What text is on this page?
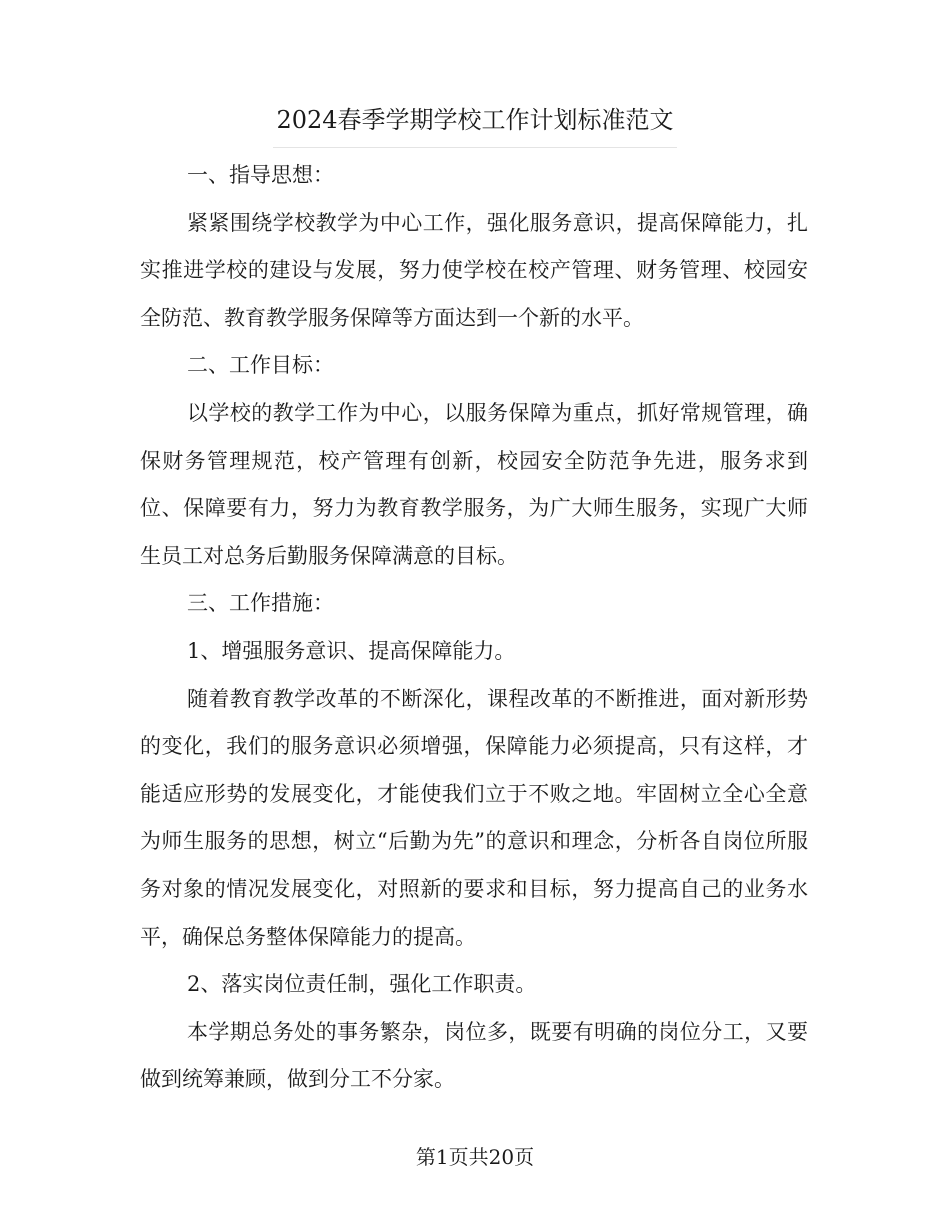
2024春季学期学校工作计划标准范文

一、指导思想：

紧紧围绕学校教学为中心工作，强化服务意识，提高保障能力，扎实推进学校的建设与发展，努力使学校在校产管理、财务管理、校园安全防范、教育教学服务保障等方面达到一个新的水平。

二、工作目标：

以学校的教学工作为中心，以服务保障为重点，抓好常规管理，确保财务管理规范，校产管理有创新，校园安全防范争先进，服务求到位、保障要有力，努力为教育教学服务，为广大师生服务，实现广大师生员工对总务后勤服务保障满意的目标。

三、工作措施：

1、增强服务意识、提高保障能力。

随着教育教学改革的不断深化，课程改革的不断推进，面对新形势的变化，我们的服务意识必须增强，保障能力必须提高，只有这样，才能适应形势的发展变化，才能使我们立于不败之地。牢固树立全心全意为师生服务的思想，树立“后勤为先”的意识和理念，分析各自岗位所服务对象的情况发展变化，对照新的要求和目标，努力提高自己的业务水平，确保总务整体保障能力的提高。

2、落实岗位责任制，强化工作职责。

本学期总务处的事务繁杂，岗位多，既要有明确的岗位分工，又要做到统筹兼顾，做到分工不分家。

第1页共20页
